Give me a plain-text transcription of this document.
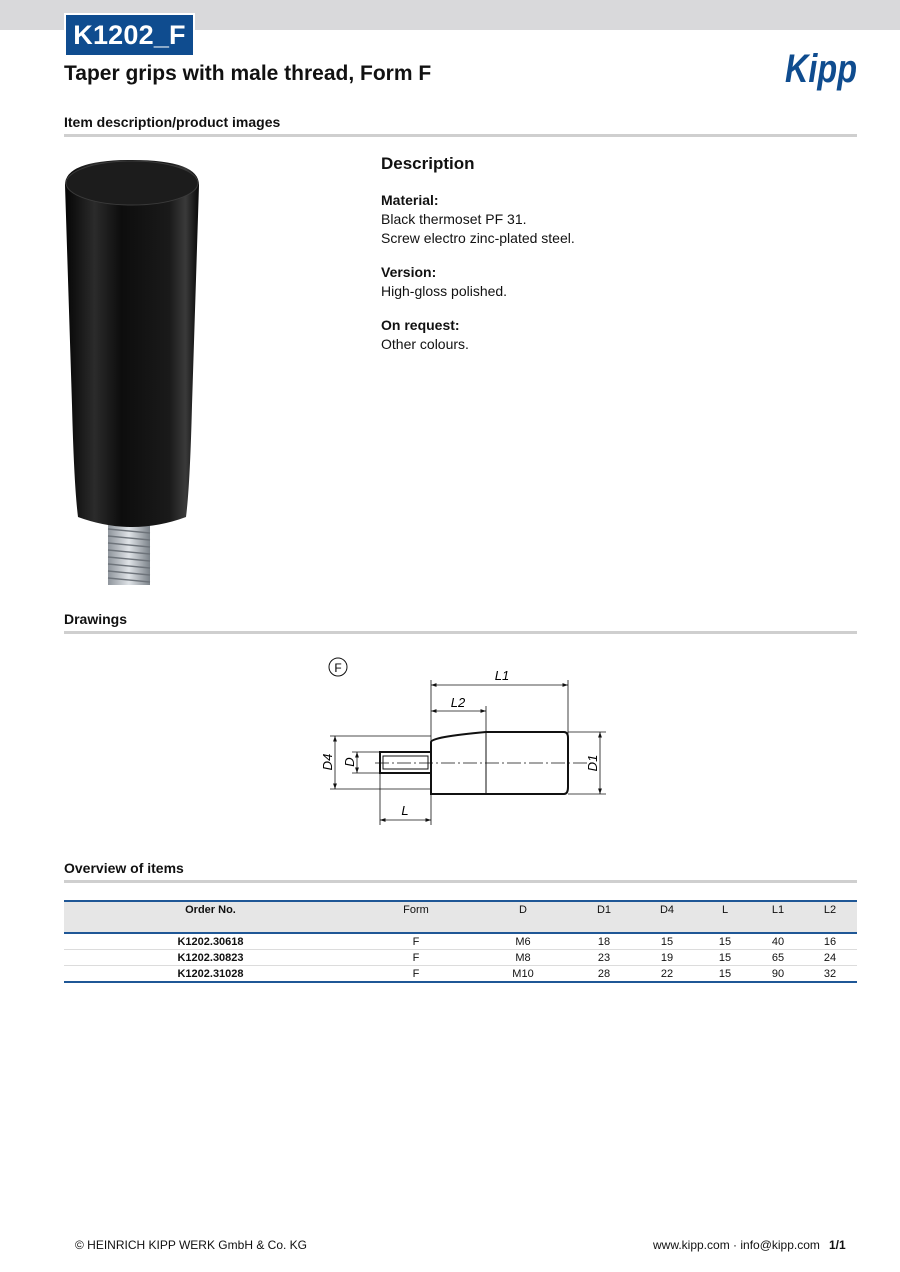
K1202_F
Taper grips with male thread, Form F	Kipp
Item description/product images
Description
Material:
Black thermoset PF 31.
Screw electro zinc-plated steel.
Version:
High-gloss polished.
On request:
Other colours.
Drawings
F	L1
L2
D4 D	D1
L
Overview of items
Order No.	Form	D	D1	D4	L	L1	L2

K1202.30618	F	M6	18	15	15	40	16
K1202.30823	F	M8	23	19	15	65	24
K1202.31028	F	M10	28	22	15	90	32
© HEINRICH KIPP WERK GmbH & Co. KG	www.kipp.com · info@kipp.com 1/1
